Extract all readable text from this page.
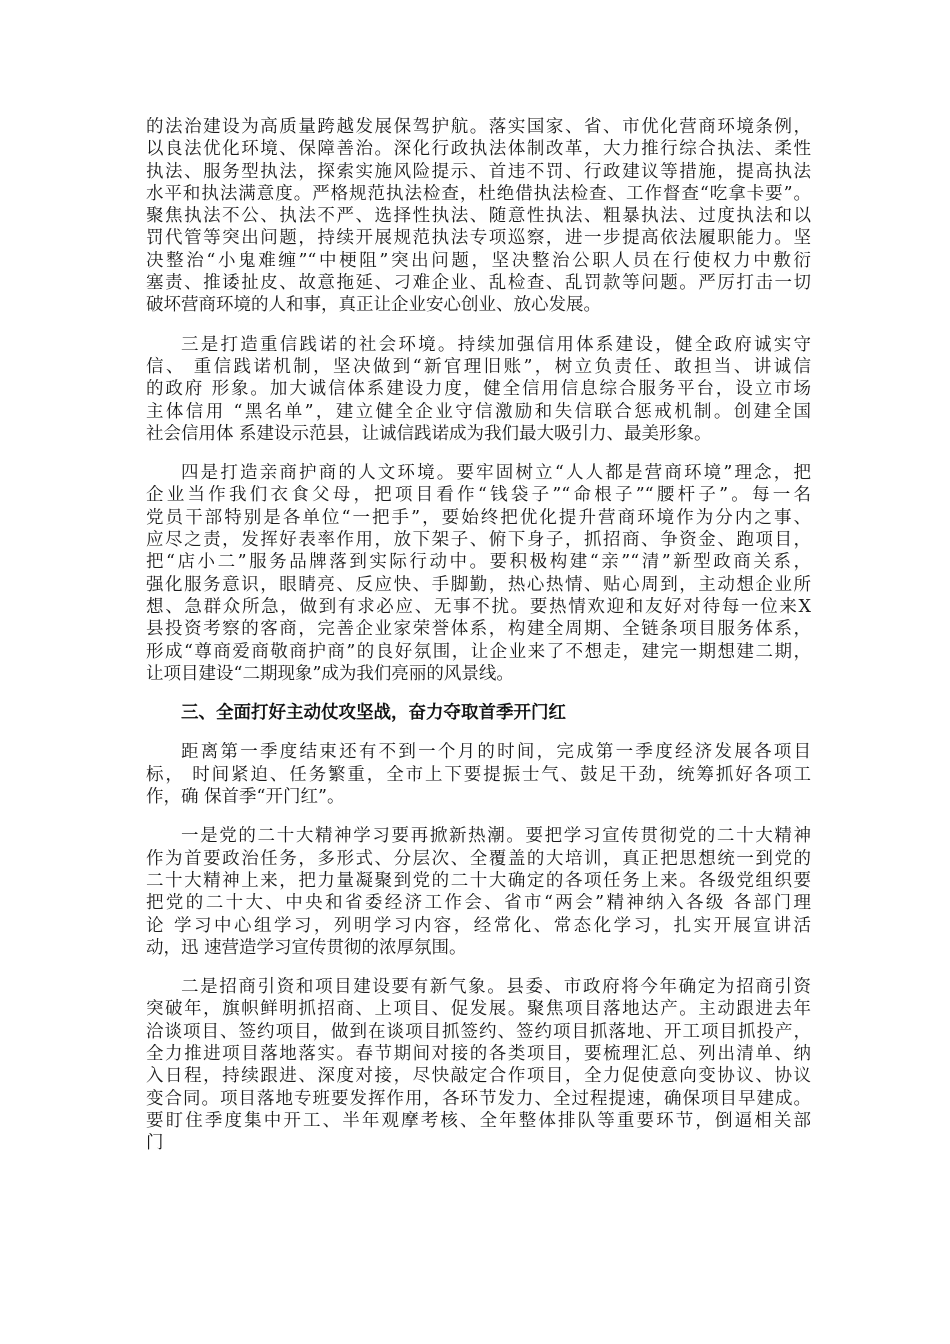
的法治建设为高质量跨越发展保驾护航。落实国家、省、市优化营商环境条例，
以良法优化环境、保障善治。深化行政执法体制改革，大力推行综合执法、柔性
执法、服务型执法，探索实施风险提示、首违不罚、行政建议等措施，提高执法
水平和执法满意度。严格规范执法检查，杜绝借执法检查、工作督查“吃拿卡要”。
聚焦执法不公、执法不严、选择性执法、随意性执法、粗暴执法、过度执法和以
罚代管等突出问题，持续开展规范执法专项巡察，进一步提高依法履职能力。坚
决整治“小鬼难缠”“中梗阻”突出问题，坚决整治公职人员在行使权力中敷衍
塞责、推诿扯皮、故意拖延、刁难企业、乱检查、乱罚款等问题。严厉打击一切
破坏营商环境的人和事，真正让企业安心创业、放心发展。
三是打造重信践诺的社会环境。持续加强信用体系建设，健全政府诚实守
信、 重信践诺机制，坚决做到“新官理旧账”，树立负责任、敢担当、讲诚信
的政府 形象。加大诚信体系建设力度，健全信用信息综合服务平台，设立市场
主体信用 “黑名单”，建立健全企业守信激励和失信联合惩戒机制。创建全国
社会信用体 系建设示范县，让诚信践诺成为我们最大吸引力、最美形象。
四是打造亲商护商的人文环境。要牢固树立“人人都是营商环境”理念，把
企业当作我们衣食父母，把项目看作“钱袋子”“命根子”“腰杆子”。每一名
党员干部特别是各单位“一把手”，要始终把优化提升营商环境作为分内之事、
应尽之责，发挥好表率作用，放下架子、俯下身子，抓招商、争资金、跑项目，
把“店小二”服务品牌落到实际行动中。要积极构建“亲”“清”新型政商关系，
强化服务意识，眼睛亮、反应快、手脚勤，热心热情、贴心周到，主动想企业所
想、急群众所急，做到有求必应、无事不扰。要热情欢迎和友好对待每一位来X
县投资考察的客商，完善企业家荣誉体系，构建全周期、全链条项目服务体系，
形成“尊商爱商敬商护商”的良好氛围，让企业来了不想走，建完一期想建二期，
让项目建设“二期现象”成为我们亮丽的风景线。
三、全面打好主动仗攻坚战，奋力夺取首季开门红
距离第一季度结束还有不到一个月的时间，完成第一季度经济发展各项目
标， 时间紧迫、任务繁重，全市上下要提振士气、鼓足干劲，统筹抓好各项工
作，确 保首季“开门红”。
一是党的二十大精神学习要再掀新热潮。要把学习宣传贯彻党的二十大精神
作为首要政治任务，多形式、分层次、全覆盖的大培训，真正把思想统一到党的
二十大精神上来，把力量凝聚到党的二十大确定的各项任务上来。各级党组织要
把党的二十大、中央和省委经济工作会、省市“两会”精神纳入各级 各部门理
论 学习中心组学习，列明学习内容，经常化、常态化学习，扎实开展宣讲活
动，迅 速营造学习宣传贯彻的浓厚氛围。
二是招商引资和项目建设要有新气象。县委、市政府将今年确定为招商引资
突破年，旗帜鲜明抓招商、上项目、促发展。聚焦项目落地达产。主动跟进去年
洽谈项目、签约项目，做到在谈项目抓签约、签约项目抓落地、开工项目抓投产，
全力推进项目落地落实。春节期间对接的各类项目，要梳理汇总、列出清单、纳
入日程，持续跟进、深度对接，尽快敲定合作项目，全力促使意向变协议、协议
变合同。项目落地专班要发挥作用，各环节发力、全过程提速，确保项目早建成。
要盯住季度集中开工、半年观摩考核、全年整体排队等重要环节，倒逼相关部
门
